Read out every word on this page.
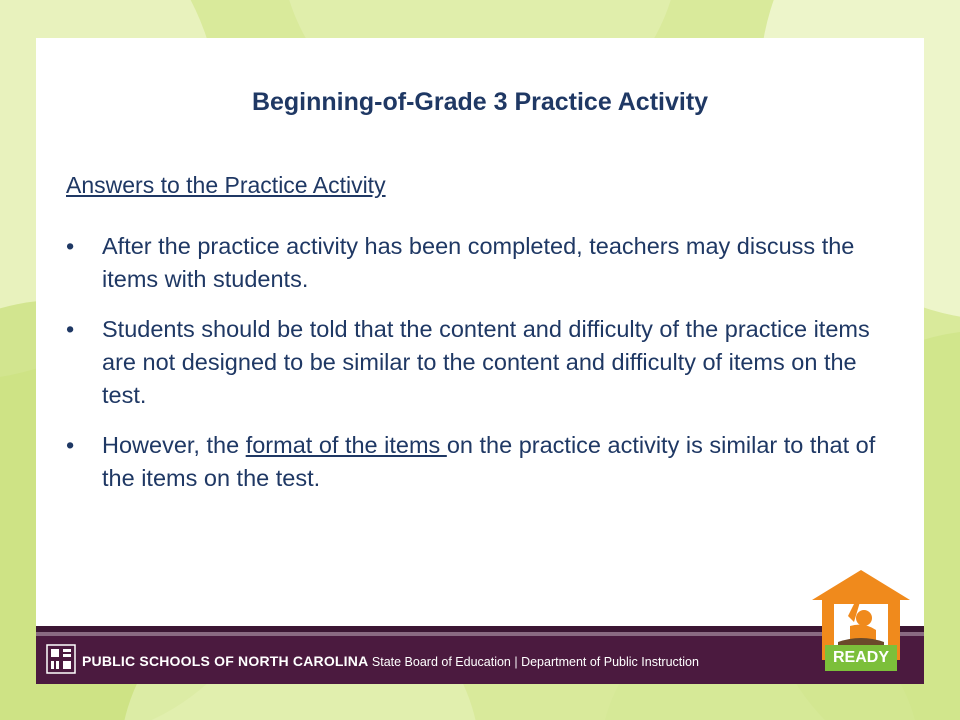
Beginning-of-Grade 3 Practice Activity
Answers to the Practice Activity
• After the practice activity has been completed, teachers may discuss the items with students.
• Students should be told that the content and difficulty of the practice items are not designed to be similar to the content and difficulty of items on the test.
• However, the format of the items on the practice activity is similar to that of the items on the test.
PUBLIC SCHOOLS OF NORTH CAROLINA State Board of Education | Department of Public Instruction	READY
